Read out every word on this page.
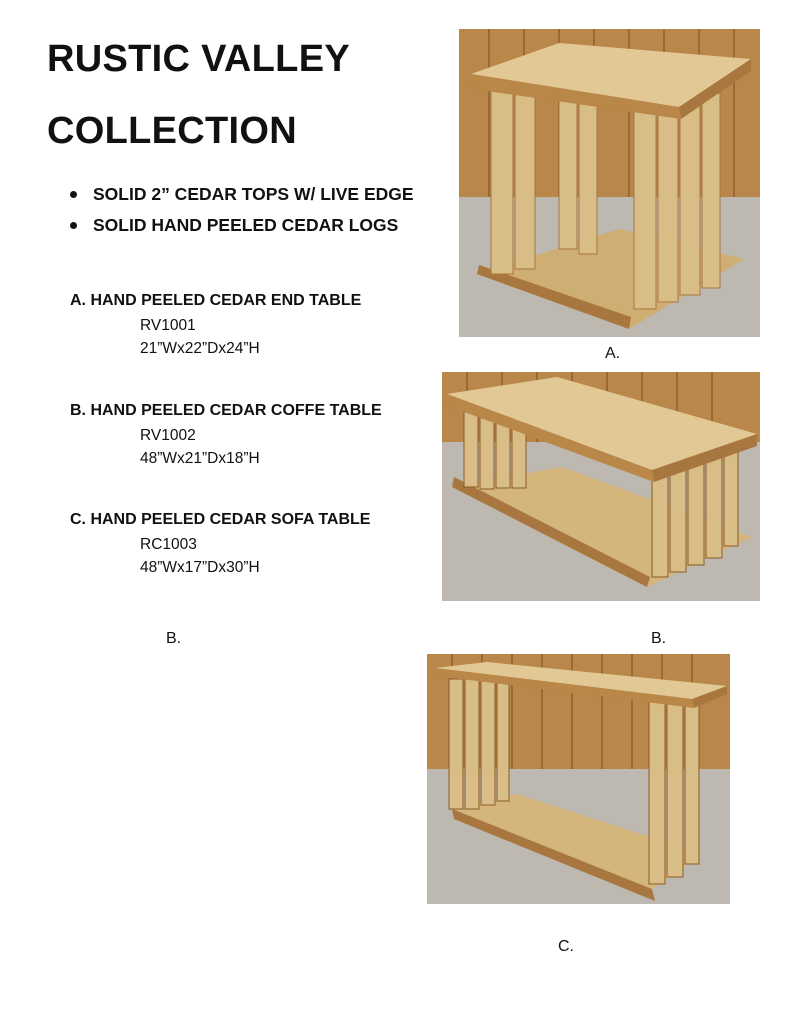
RUSTIC VALLEY
COLLECTION
SOLID 2” CEDAR TOPS W/ LIVE EDGE
SOLID HAND PEELED CEDAR LOGS
A. HAND PEELED CEDAR END TABLE
RV1001
21”Wx22”Dx24”H
B. HAND PEELED CEDAR COFFE TABLE
RV1002
48”Wx21”Dx18”H
C. HAND PEELED CEDAR SOFA TABLE
RC1003
48”Wx17”Dx30”H
A.
B.	B.
C.
